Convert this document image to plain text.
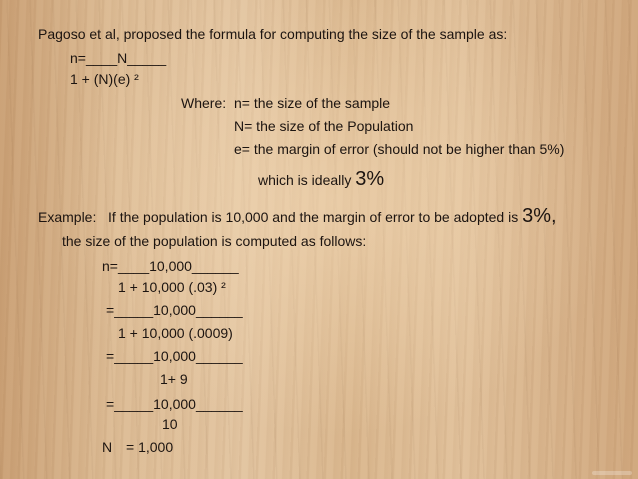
Pagoso et al, proposed the formula for computing the size of the sample as:
n=____N_____
1 + (N)(e) ²
Where: n= the size of the sample
N= the size of the Population
e= the margin of error (should not be higher than 5%)
which is ideally 3%
Example:   If the population is 10,000 and the margin of error to be adopted is 3%,
the size of the population is computed as follows:
n=____10,000______
1 + 10,000 (.03) ²
=_____10,000______
1 + 10,000 (.0009)
=_____10,000______
1+ 9
=_____10,000______
10
N = 1,000
